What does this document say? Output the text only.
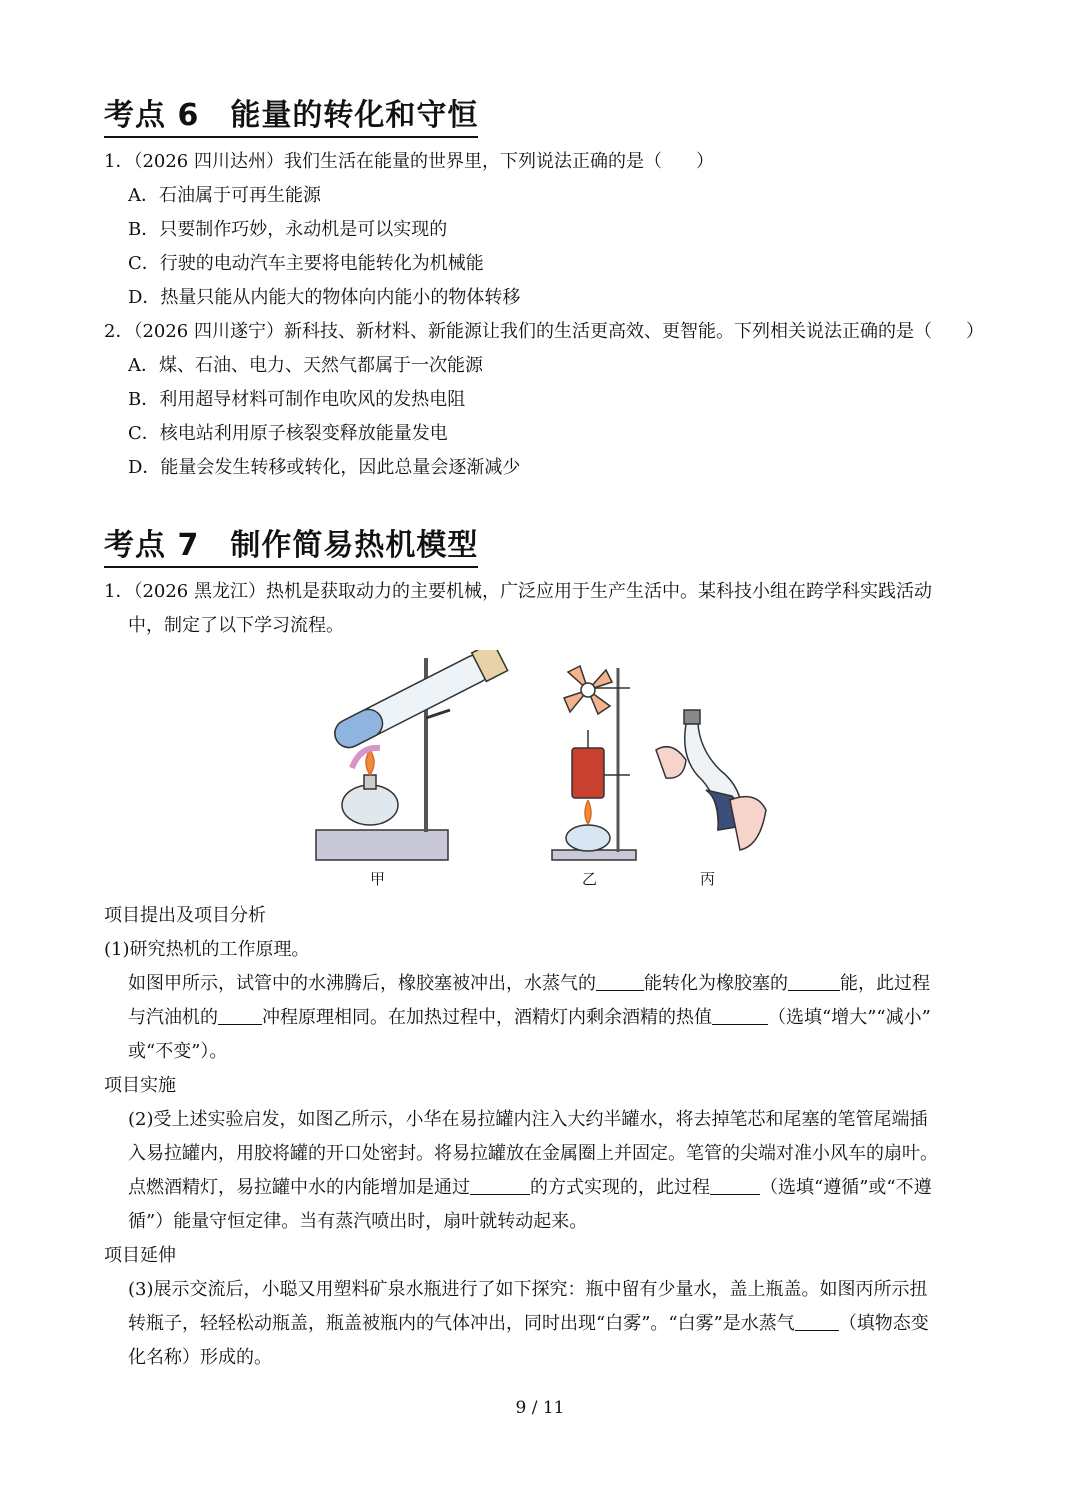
考点 6　能量的转化和守恒
1．（2026 四川达州）我们生活在能量的世界里，下列说法正确的是（ ）
A．石油属于可再生能源
B．只要制作巧妙，永动机是可以实现的
C．行驶的电动汽车主要将电能转化为机械能
D．热量只能从内能大的物体向内能小的物体转移
2．（2026 四川遂宁）新科技、新材料、新能源让我们的生活更高效、更智能。下列相关说法正确的是（ ）
A．煤、石油、电力、天然气都属于一次能源
B．利用超导材料可制作电吹风的发热电阻
C．核电站利用原子核裂变释放能量发电
D．能量会发生转移或转化，因此总量会逐渐减少
考点 7　制作简易热机模型
1．（2026 黑龙江）热机是获取动力的主要机械，广泛应用于生产生活中。某科技小组在跨学科实践活动
中，制定了以下学习流程。
甲	乙	丙
项目提出及项目分析
(1)研究热机的工作原理。
如图甲所示，试管中的水沸腾后，橡胶塞被冲出，水蒸气的	能转化为橡胶塞的	能，此过程
与汽油机的 冲程原理相同。在加热过程中，酒精灯内剩余酒精的热值	（选填“增大”“减小”
或“不变”）。
项目实施
(2)受上述实验启发，如图乙所示，小华在易拉罐内注入大约半罐水，将去掉笔芯和尾塞的笔管尾端插
入易拉罐内，用胶将罐的开口处密封。将易拉罐放在金属圈上并固定。笔管的尖端对准小风车的扇叶。
点燃酒精灯，易拉罐中水的内能增加是通过	的方式实现的，此过程	（选填“遵循”或“不遵
循”）能量守恒定律。当有蒸汽喷出时，扇叶就转动起来。
项目延伸
(3)展示交流后，小聪又用塑料矿泉水瓶进行了如下探究：瓶中留有少量水，盖上瓶盖。如图丙所示扭
转瓶子，轻轻松动瓶盖，瓶盖被瓶内的气体冲出，同时出现“白雾”。“白雾”是水蒸气 （填物态变
化名称）形成的。
9 / 11
